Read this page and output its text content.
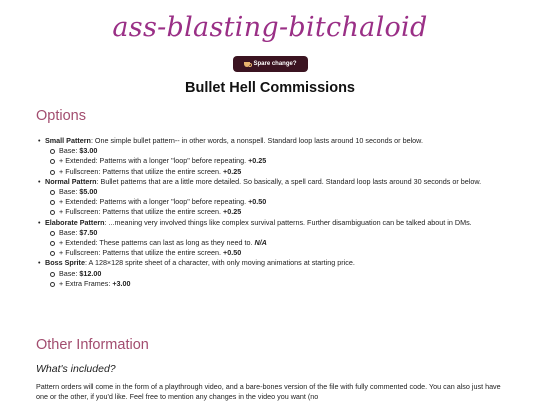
ass-blasting-bitchaloid
Spare change?
Bullet Hell Commissions
Options
• Small Pattern: One simple bullet pattern-- in other words, a nonspell. Standard loop lasts around 10 seconds or below.
Base: $3.00
+ Extended: Patterns with a longer "loop" before repeating. +0.25
+ Fullscreen: Patterns that utilize the entire screen. +0.25
• Normal Pattern: Bullet patterns that are a little more detailed. So basically, a spell card. Standard loop lasts around 30 seconds or below.
Base: $5.00
+ Extended: Patterns with a longer "loop" before repeating. +0.50
+ Fullscreen: Patterns that utilize the entire screen. +0.25
• Elaborate Pattern: ...meaning very involved things like complex survival patterns. Further disambiguation can be talked about in DMs.
Base: $7.50
+ Extended: These patterns can last as long as they need to. N/A
+ Fullscreen: Patterns that utilize the entire screen. +0.50
• Boss Sprite: A 128×128 sprite sheet of a character, with only moving animations at starting price.
Base: $12.00
+ Extra Frames: +3.00
Other Information
What's included?
Pattern orders will come in the form of a playthrough video, and a bare-bones version of the file with fully commented code. You can also just have one or the other, if you'd like. Feel free to mention any changes in the video you want (no
